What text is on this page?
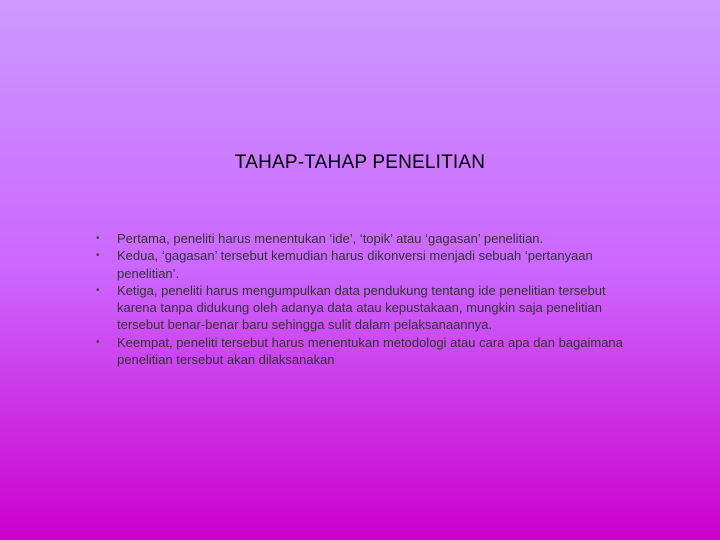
TAHAP-TAHAP PENELITIAN
•	Pertama, peneliti harus menentukan ‘ide’, ‘topik’ atau ‘gagasan’ penelitian.
•	Kedua, ‘gagasan’ tersebut kemudian harus dikonversi menjadi sebuah ‘pertanyaan penelitian’.
•	Ketiga, peneliti harus mengumpulkan data pendukung tentang ide penelitian tersebut karena tanpa didukung oleh adanya data atau kepustakaan, mungkin saja penelitian tersebut benar-benar baru sehingga sulit dalam pelaksanaannya.
•	Keempat, peneliti tersebut harus menentukan metodologi atau cara apa dan bagaimana penelitian tersebut akan dilaksanakan
